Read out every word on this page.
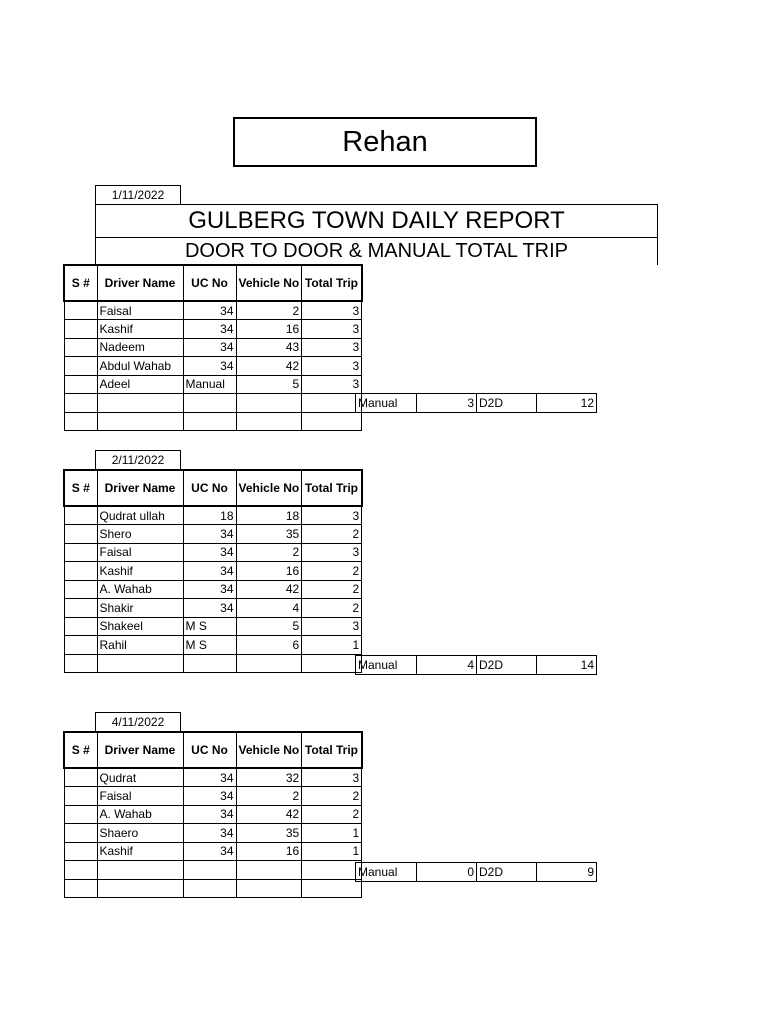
Rehan
1/11/2022
GULBERG TOWN DAILY REPORT
DOOR TO DOOR & MANUAL TOTAL TRIP
S #	Driver Name	UC No	Vehicle No	Total Trip
	Faisal	34	2	3
	Kashif	34	16	3
	Nadeem	34	43	3
	Abdul Wahab	34	42	3
	Adeel	Manual	5	3

Manual	3	D2D	12
2/11/2022
S #	Driver Name	UC No	Vehicle No	Total Trip
	Qudrat ullah	18	18	3
	Shero	34	35	2
	Faisal	34	2	3
	Kashif	34	16	2
	A. Wahab	34	42	2
	Shakir	34	4	2
	Shakeel	M S	5	3
	Rahil	M S	6	1

Manual	4	D2D	14
4/11/2022
S #	Driver Name	UC No	Vehicle No	Total Trip
	Qudrat	34	32	3
	Faisal	34	2	2
	A. Wahab	34	42	2
	Shaero	34	35	1
	Kashif	34	16	1

Manual	0	D2D	9
